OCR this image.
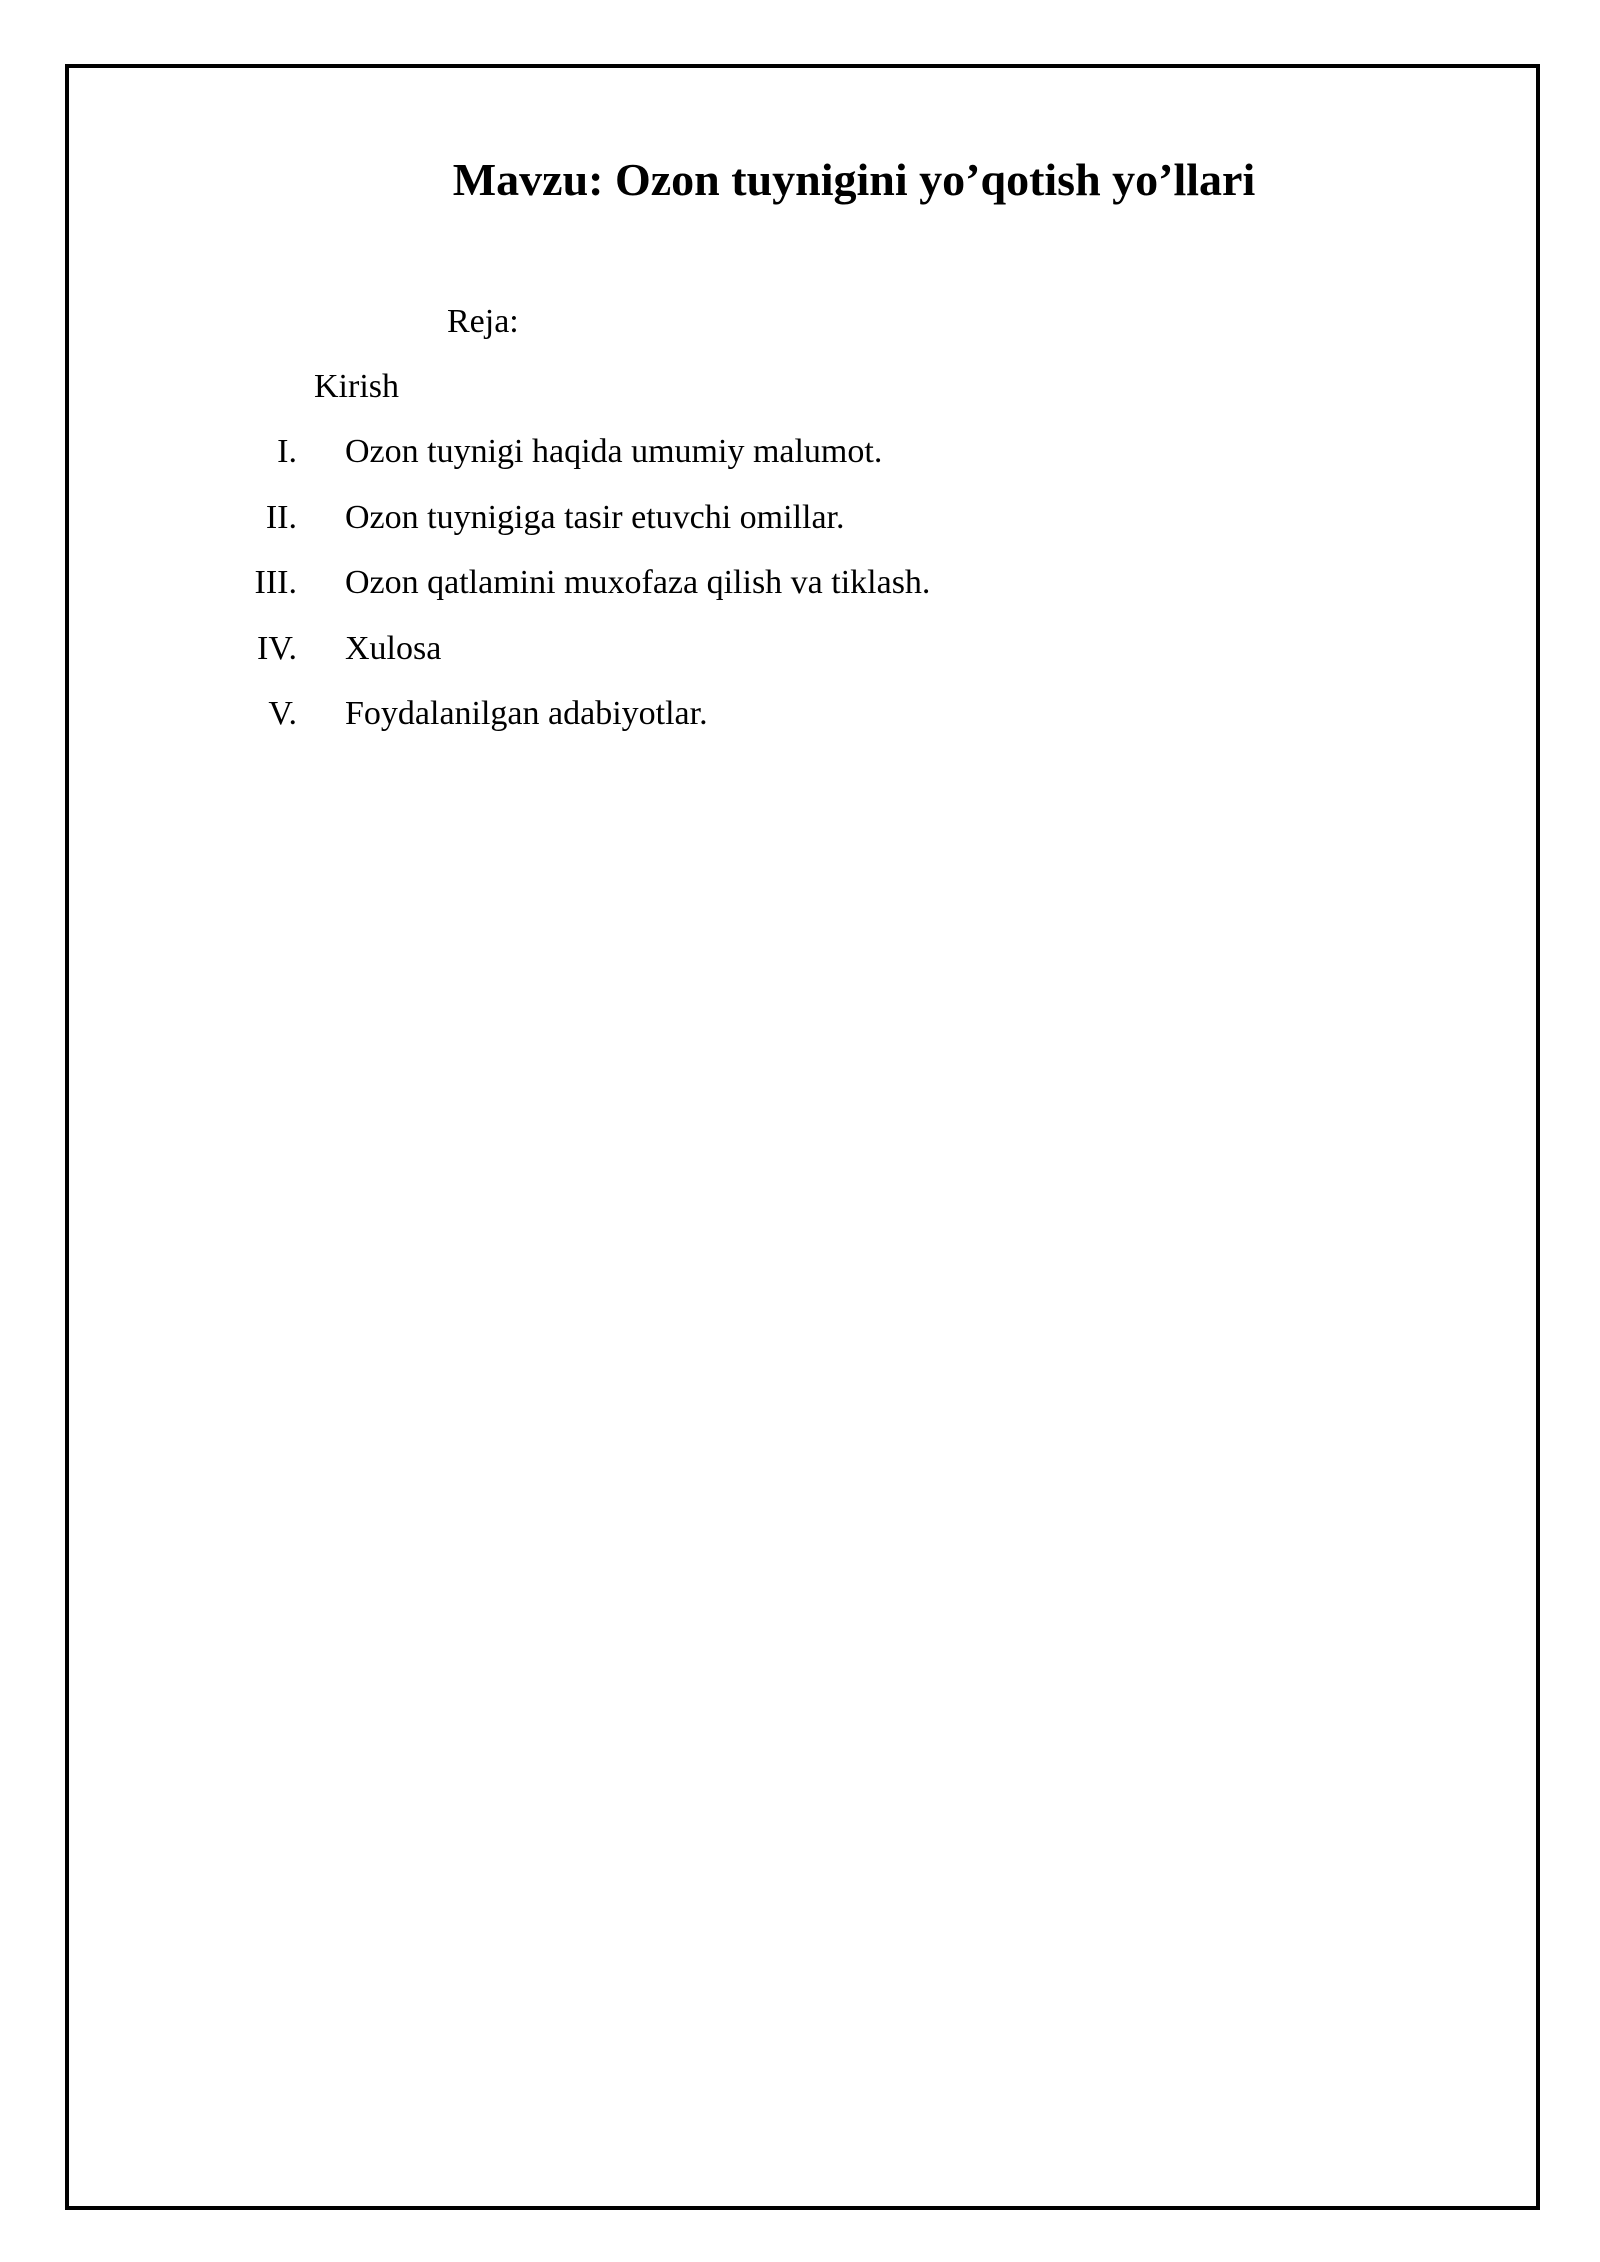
Mavzu: Ozon tuynigini yo’qotish yo’llari
Reja:
Kirish
I. Ozon tuynigi haqida umumiy malumot.
II. Ozon tuynigiga tasir etuvchi omillar.
III. Ozon qatlamini muxofaza qilish va tiklash.
IV. Xulosa
V. Foydalanilgan adabiyotlar.
